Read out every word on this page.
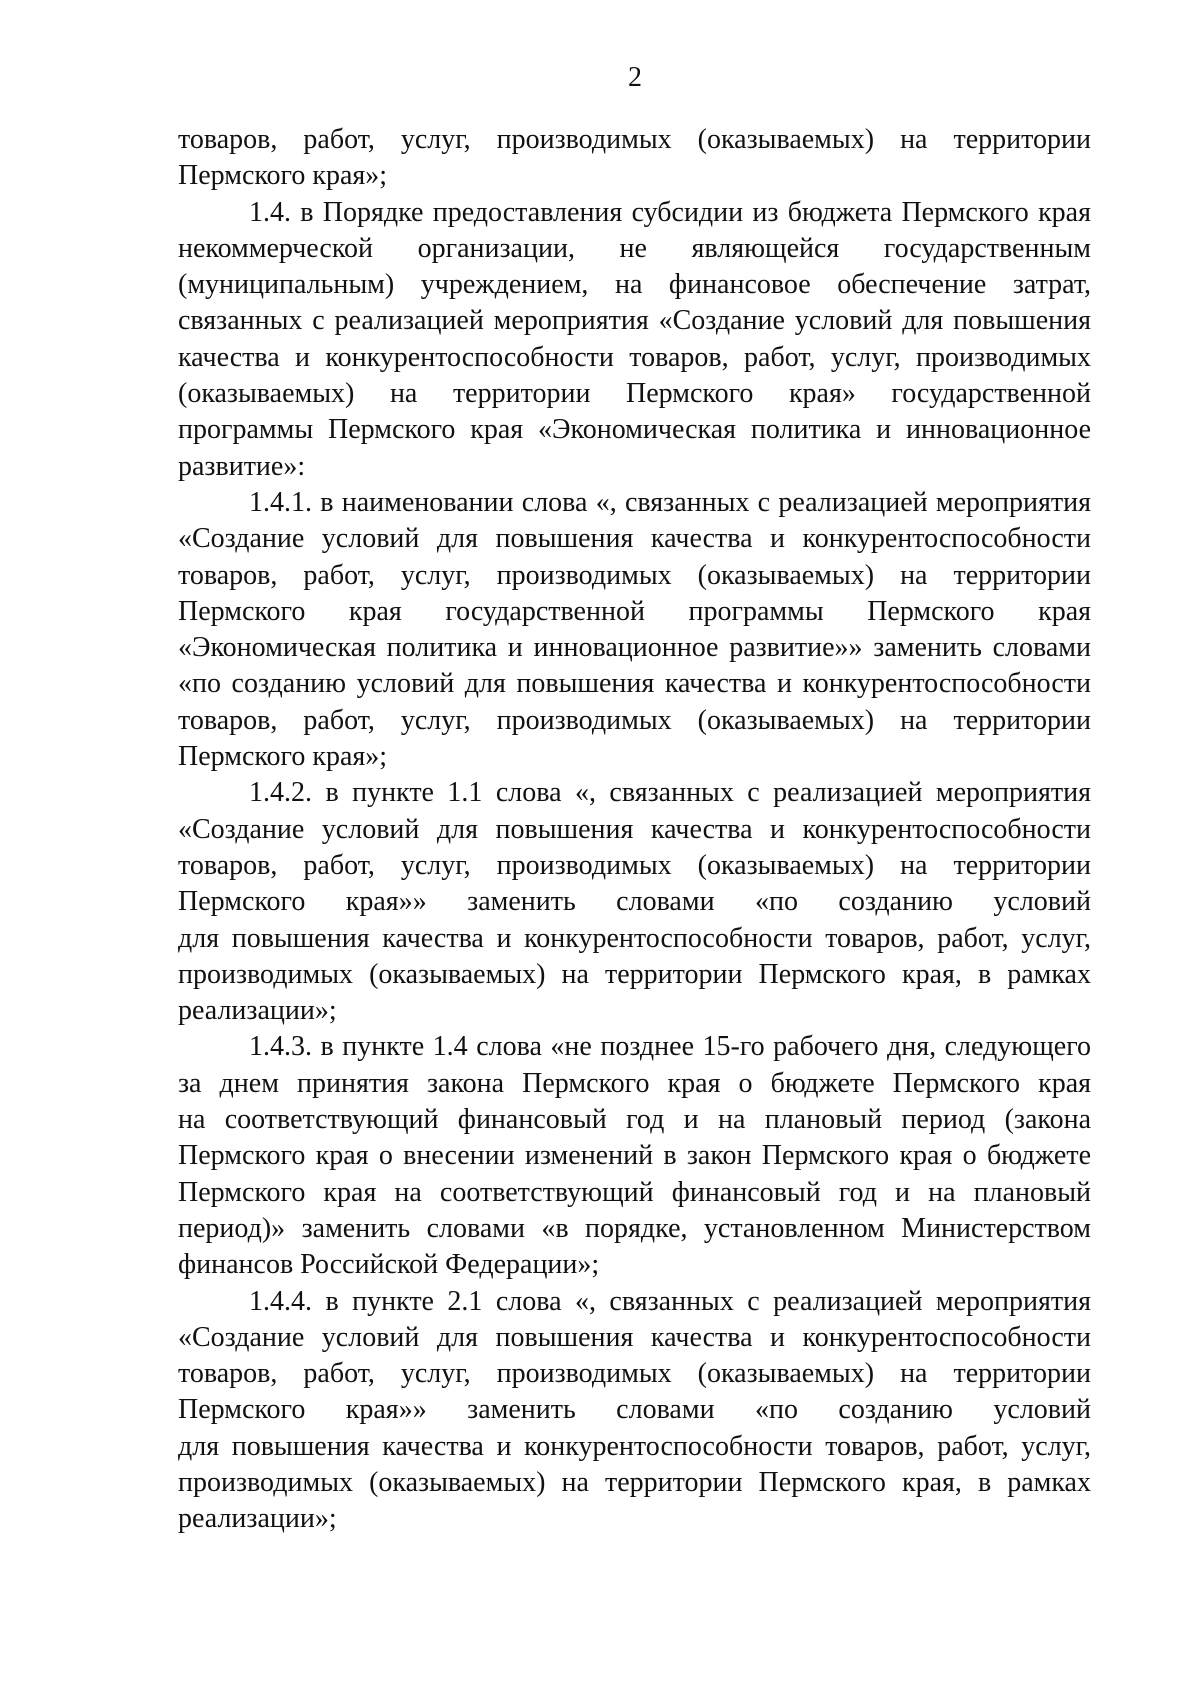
2

товаров, работ, услуг, производимых (оказываемых) на территории
Пермского края»;

1.4. в Порядке предоставления субсидии из бюджета Пермского края
некоммерческой организации, не являющейся государственным
(муниципальным) учреждением, на финансовое обеспечение затрат,
связанных с реализацией мероприятия «Создание условий для повышения
качества и конкурентоспособности товаров, работ, услуг, производимых
(оказываемых) на территории Пермского края» государственной
программы Пермского края «Экономическая политика и инновационное
развитие»:

1.4.1. в наименовании слова «, связанных с реализацией мероприятия
«Создание условий для повышения качества и конкурентоспособности
товаров, работ, услуг, производимых (оказываемых) на территории
Пермского края государственной программы Пермского края
«Экономическая политика и инновационное развитие»» заменить словами
«по созданию условий для повышения качества и конкурентоспособности
товаров, работ, услуг, производимых (оказываемых) на территории
Пермского края»;

1.4.2. в пункте 1.1 слова «, связанных с реализацией мероприятия
«Создание условий для повышения качества и конкурентоспособности
товаров, работ, услуг, производимых (оказываемых) на территории
Пермского края»» заменить словами «по созданию условий
для повышения качества и конкурентоспособности товаров, работ, услуг,
производимых (оказываемых) на территории Пермского края, в рамках
реализации»;

1.4.3. в пункте 1.4 слова «не позднее 15-го рабочего дня, следующего
за днем принятия закона Пермского края о бюджете Пермского края
на соответствующий финансовый год и на плановый период (закона
Пермского края о внесении изменений в закон Пермского края о бюджете
Пермского края на соответствующий финансовый год и на плановый
период)» заменить словами «в порядке, установленном Министерством
финансов Российской Федерации»;

1.4.4. в пункте 2.1 слова «, связанных с реализацией мероприятия
«Создание условий для повышения качества и конкурентоспособности
товаров, работ, услуг, производимых (оказываемых) на территории
Пермского края»» заменить словами «по созданию условий
для повышения качества и конкурентоспособности товаров, работ, услуг,
производимых (оказываемых) на территории Пермского края, в рамках
реализации»;
